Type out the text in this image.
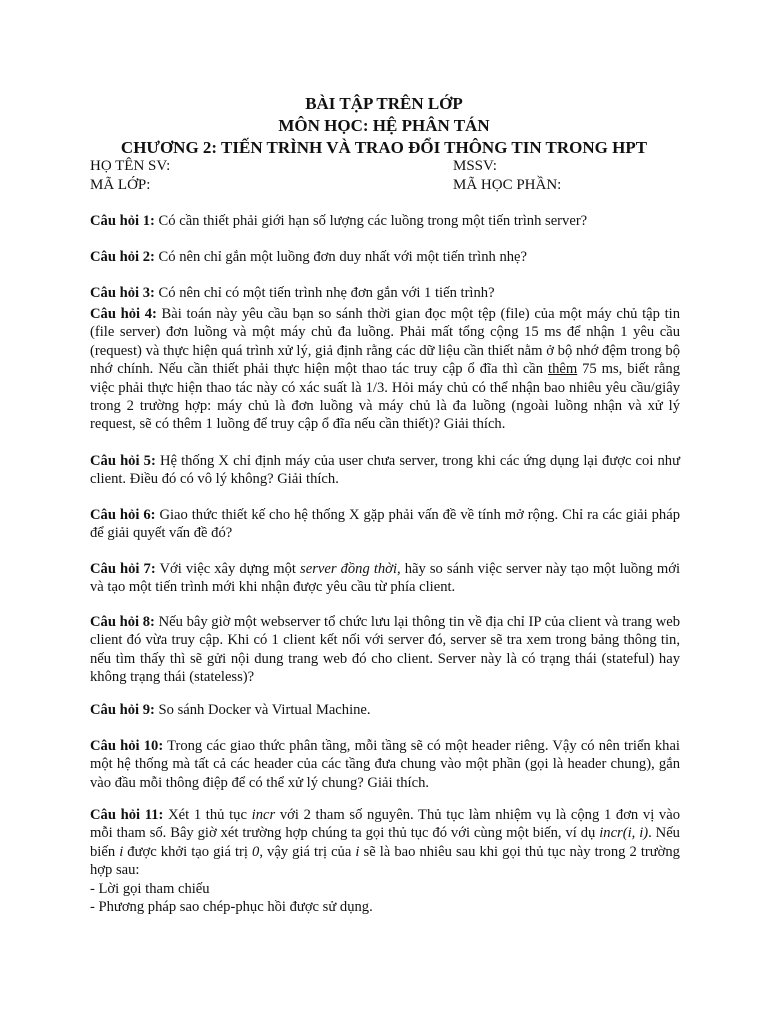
BÀI TẬP TRÊN LỚP
MÔN HỌC: HỆ PHÂN TÁN
CHƯƠNG 2: TIẾN TRÌNH VÀ TRAO ĐỔI THÔNG TIN TRONG HPT
HỌ TÊN SV:	MSSV:
MÃ LỚP:	MÃ HỌC PHẦN:
Câu hỏi 1: Có cần thiết phải giới hạn số lượng các luồng trong một tiến trình server?
Câu hỏi 2: Có nên chỉ gắn một luồng đơn duy nhất với một tiến trình nhẹ?
Câu hỏi 3: Có nên chỉ có một tiến trình nhẹ đơn gắn với 1 tiến trình?
Câu hỏi 4: Bài toán này yêu cầu bạn so sánh thời gian đọc một tệp (file) của một máy chủ tập tin (file server) đơn luồng và một máy chủ đa luồng. Phải mất tổng cộng 15 ms để nhận 1 yêu cầu (request) và thực hiện quá trình xử lý, giả định rằng các dữ liệu cần thiết nằm ở bộ nhớ đệm trong bộ nhớ chính. Nếu cần thiết phải thực hiện một thao tác truy cập ổ đĩa thì cần thêm 75 ms, biết rằng việc phải thực hiện thao tác này có xác suất là 1/3. Hỏi máy chủ có thể nhận bao nhiêu yêu cầu/giây trong 2 trường hợp: máy chủ là đơn luồng và máy chủ là đa luồng (ngoài luồng nhận và xử lý request, sẽ có thêm 1 luồng để truy cập ổ đĩa nếu cần thiết)? Giải thích.
Câu hỏi 5: Hệ thống X chỉ định máy của user chưa server, trong khi các ứng dụng lại được coi như client. Điều đó có vô lý không? Giải thích.
Câu hỏi 6: Giao thức thiết kế cho hệ thống X gặp phải vấn đề về tính mở rộng. Chỉ ra các giải pháp để giải quyết vấn đề đó?
Câu hỏi 7: Với việc xây dựng một server đồng thời, hãy so sánh việc server này tạo một luồng mới và tạo một tiến trình mới khi nhận được yêu cầu từ phía client.
Câu hỏi 8: Nếu bây giờ một webserver tổ chức lưu lại thông tin về địa chỉ IP của client và trang web client đó vừa truy cập. Khi có 1 client kết nối với server đó, server sẽ tra xem trong bảng thông tin, nếu tìm thấy thì sẽ gửi nội dung trang web đó cho client. Server này là có trạng thái (stateful) hay không trạng thái (stateless)?
Câu hỏi 9: So sánh Docker và Virtual Machine.
Câu hỏi 10: Trong các giao thức phân tầng, mỗi tầng sẽ có một header riêng. Vậy có nên triển khai một hệ thống mà tất cả các header của các tầng đưa chung vào một phần (gọi là header chung), gắn vào đầu mỗi thông điệp để có thể xử lý chung? Giải thích.
Câu hỏi 11: Xét 1 thủ tục incr với 2 tham số nguyên. Thủ tục làm nhiệm vụ là cộng 1 đơn vị vào mỗi tham số. Bây giờ xét trường hợp chúng ta gọi thủ tục đó với cùng một biến, ví dụ incr(i, i). Nếu biến i được khởi tạo giá trị 0, vậy giá trị của i sẽ là bao nhiêu sau khi gọi thủ tục này trong 2 trường hợp sau:
- Lời gọi tham chiếu
- Phương pháp sao chép-phục hồi được sử dụng.
